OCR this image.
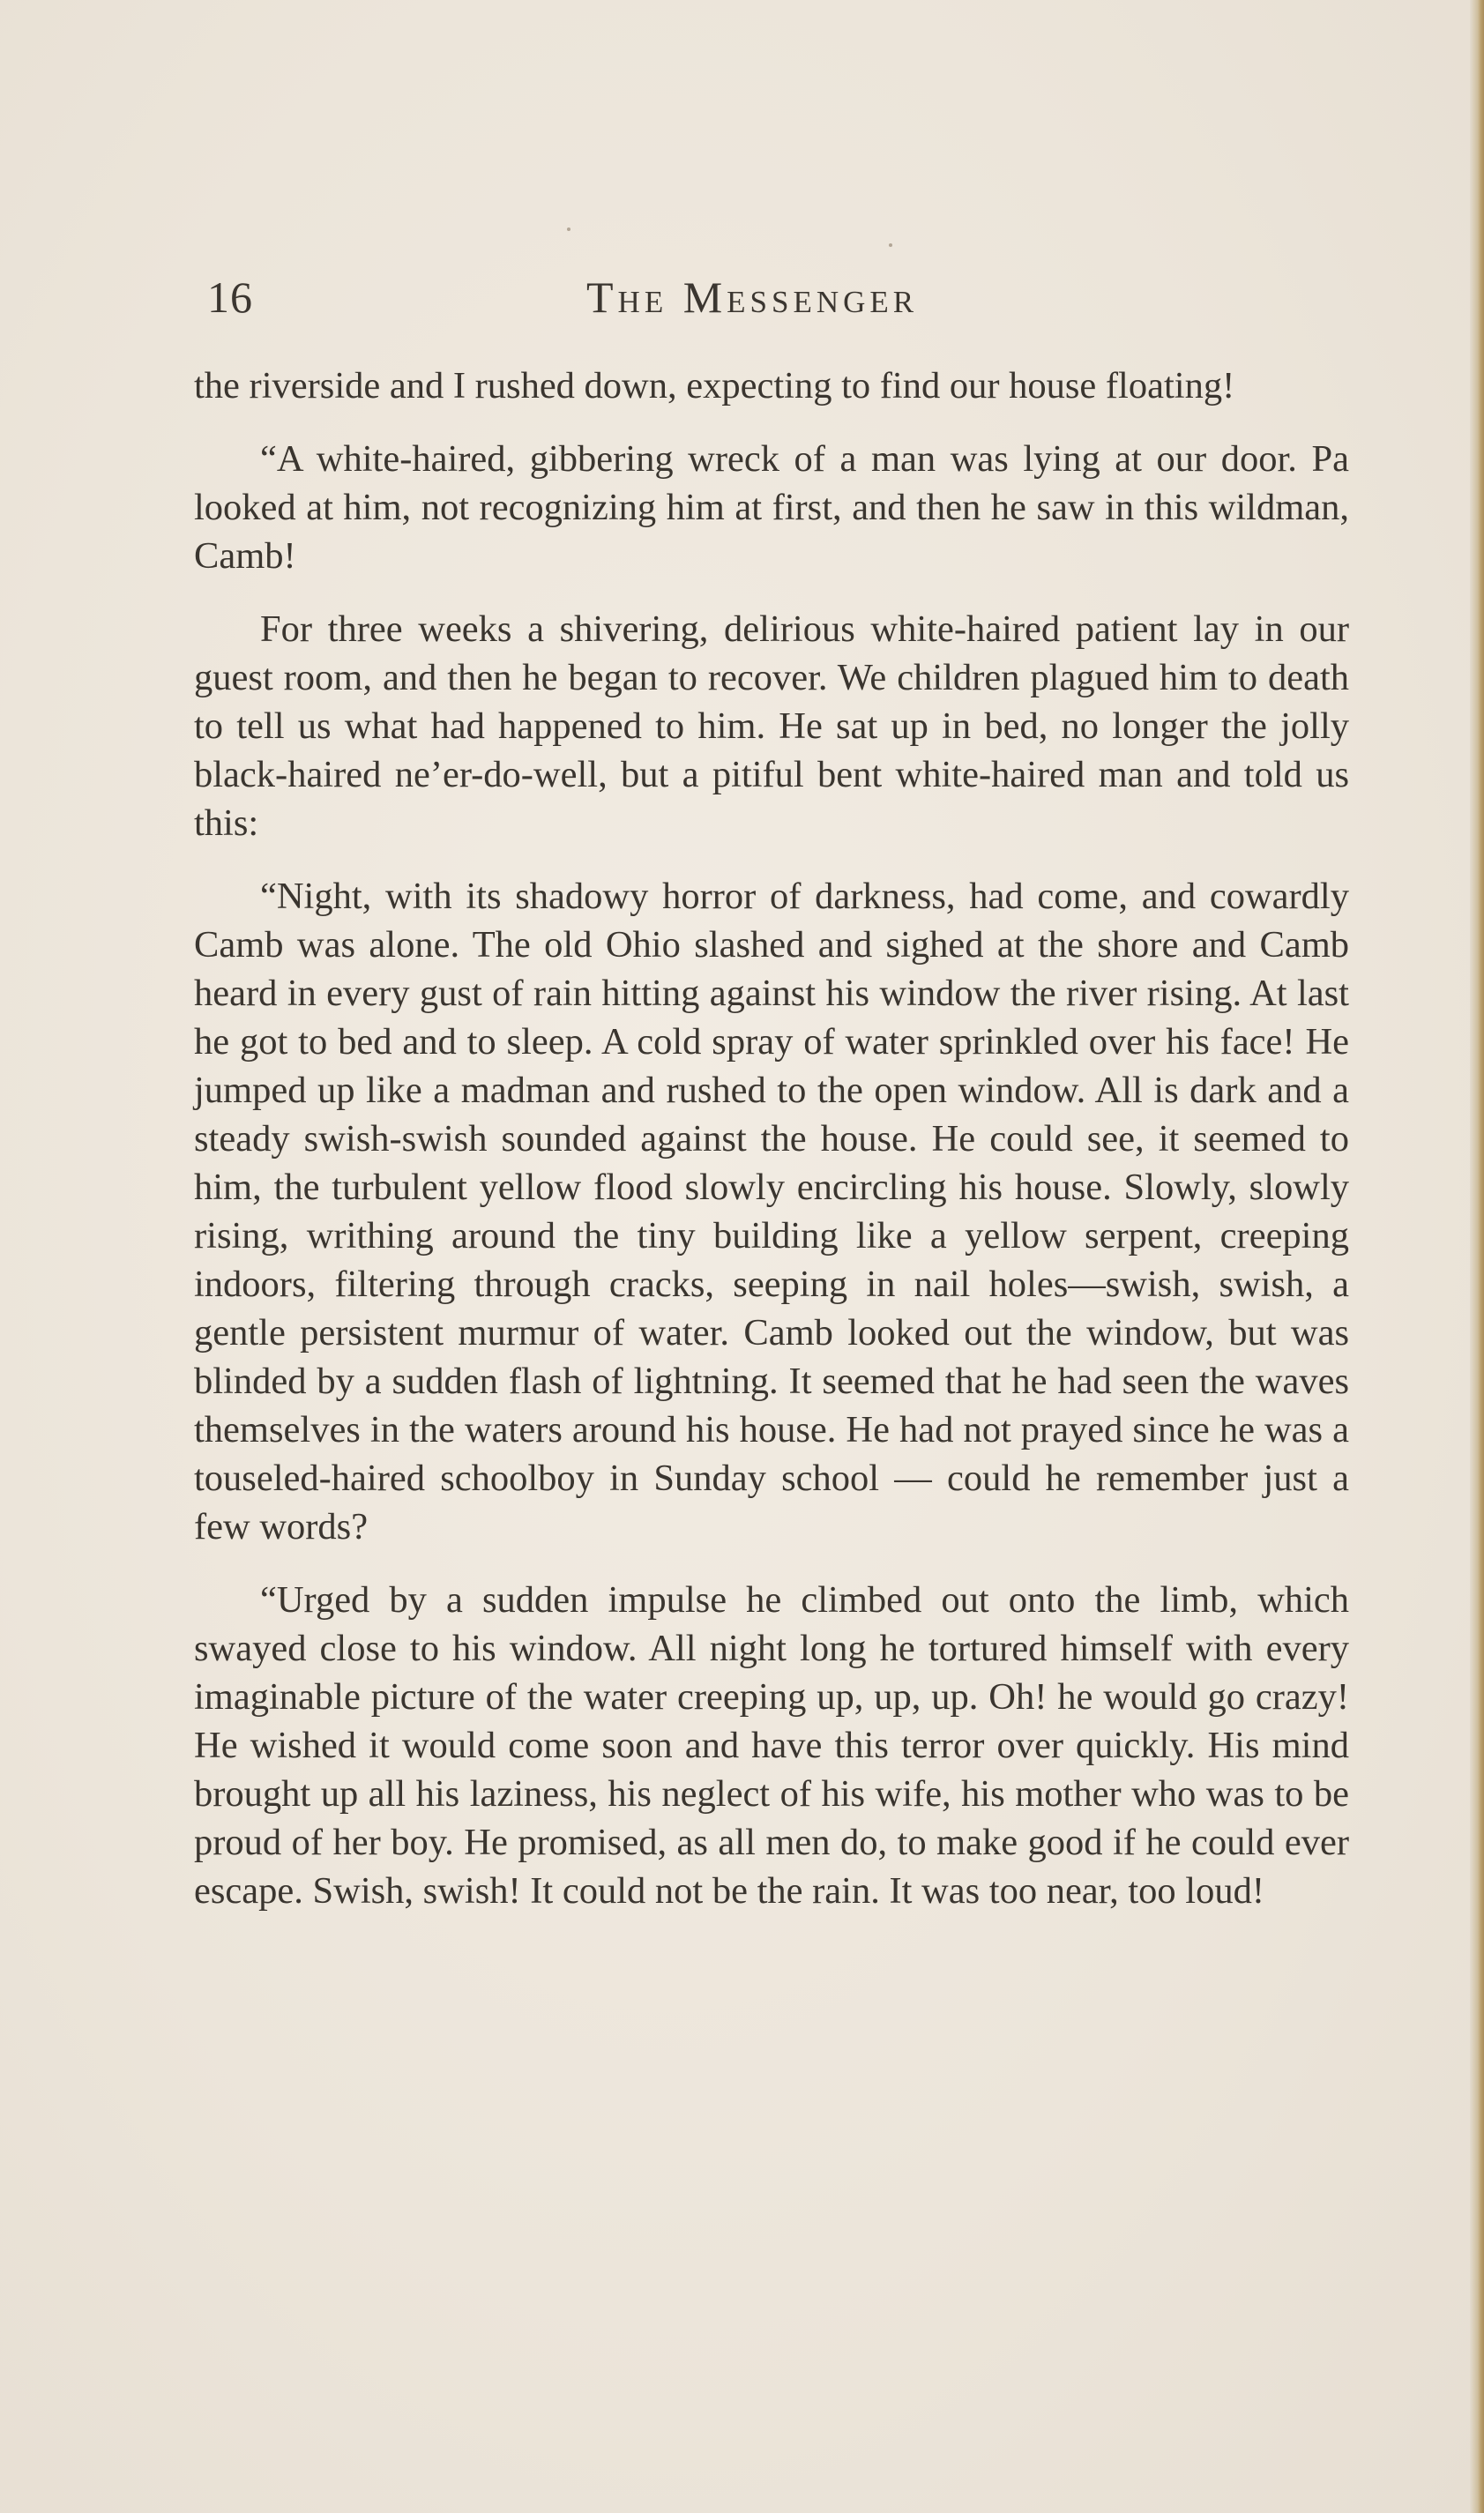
16	The Messenger

the riverside and I rushed down, expecting to find our house floating!

“A white-haired, gibbering wreck of a man was lying at our door. Pa looked at him, not recognizing him at first, and then he saw in this wildman, Camb!

For three weeks a shivering, delirious white-haired patient lay in our guest room, and then he began to recover. We children plagued him to death to tell us what had happened to him. He sat up in bed, no longer the jolly black-haired ne’er-do-well, but a pitiful bent white-haired man and told us this:

“Night, with its shadowy horror of darkness, had come, and cowardly Camb was alone. The old Ohio slashed and sighed at the shore and Camb heard in every gust of rain hitting against his window the river rising. At last he got to bed and to sleep. A cold spray of water sprinkled over his face! He jumped up like a madman and rushed to the open window. All is dark and a steady swish-swish sounded against the house. He could see, it seemed to him, the turbulent yellow flood slowly encircling his house. Slowly, slowly rising, writhing around the tiny building like a yellow serpent, creeping indoors, filtering through cracks, seeping in nail holes—swish, swish, a gentle persistent murmur of water. Camb looked out the window, but was blinded by a sudden flash of lightning. It seemed that he had seen the waves themselves in the waters around his house. He had not prayed since he was a touseled-haired schoolboy in Sunday school — could he remember just a few words?

“Urged by a sudden impulse he climbed out onto the limb, which swayed close to his window. All night long he tortured himself with every imaginable picture of the water creeping up, up, up. Oh! he would go crazy! He wished it would come soon and have this terror over quickly. His mind brought up all his laziness, his neglect of his wife, his mother who was to be proud of her boy. He promised, as all men do, to make good if he could ever escape. Swish, swish! It could not be the rain. It was too near, too loud!
